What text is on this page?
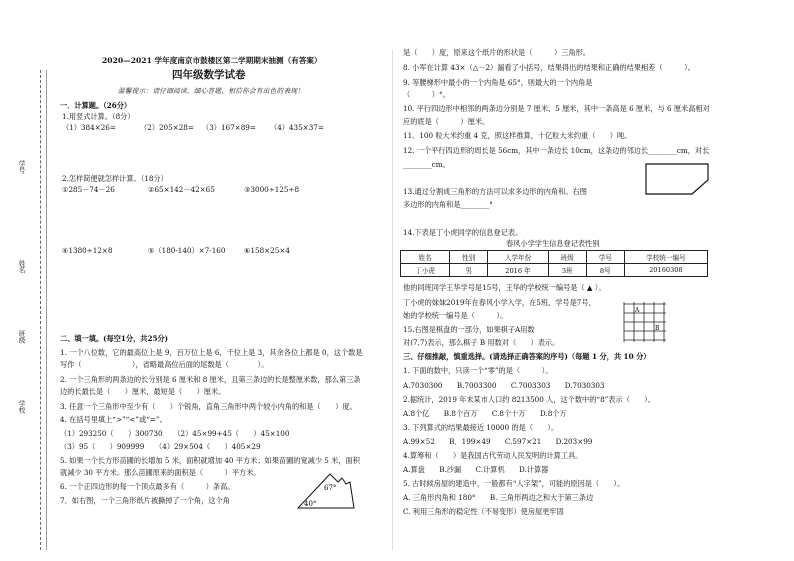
学号
姓名
班级
学校
2020—2021 学年度南京市鼓楼区第二学期期末抽测（有答案）
四年级数学试卷
温馨提示：请仔细阅读，细心答题，相信你会有出色的表现！
一．计算题。（26分）
1.用竖式计算。（8分）
（1）384×26=	（2）205×28= （3）167×89= （4）435×37=
2.怎样简便就怎样计算。（18分）
①285－74－26	②65×142－42×65	③3000÷125÷8
④1380÷12×8	⑤（180-140）×7-160	⑥158×25×4
二、填一填。(每空1分，共25分)
1. 一个八位数，它的最高位上是 9，百万位上是 6，千位上是 3，其余各位上都是 0，这个数是
写作（　　　　　　　），省略最高位后面的尾数是（　　　　）。
2. 一个三角形的两条边的长分别是 6 厘米和 8 厘米，且第三条边的长是整厘米数，那么第三条
边的长最长是（　　）厘米，最短是（　　）厘米。
3. 任意一个三角形中至少有（　　）个锐角，直角三角形中两个较小内角的和是（　　）度。
4. 在括号里填上“>”“<”或“=”。
（1）293250（　　）300730　　（2）45×99+45（　　）45×100
（3）95（　　）909999　　（4）29×504（　　）405×29
5. 如果一个长方形苗圃的长增加 5 米，面积就增加 40 平方米；如果苗圃的宽减少 5 米，面积
就减少 30 平方米。那么苗圃原来的面积是（　　　）平方米。
6. 一个正四边形的每一个顶点最多有（　　　）条高。
7．如右图，一个三角形纸片被撕掉了一个角，这个角
67°
40°
是（　　）度，原来这个纸片的形状是（　　　）三角形。
8. 小军在计算 43×（△－2）漏看了小括号，结果得出的结果和正确的结果相差（　　　）。
9. 等腰梯形中最小的一个内角是 65°，则最大的一个内角是
（　　　）°。
10. 平行四边形中相邻的两条边分别是 7 厘米、5 厘米，其中一条高是 6 厘米，与 6 厘米高相对
应的底是（　　　）厘米。
11、100 粒大米约重 4 克，照这样推算，十亿粒大米约重（　　）吨。
12. 一个平行四边形的周长是 56cm，其中一条边长 10cm，这条边的邻边长________cm，对长
________cm。
13.通过分割成三角形的方法可以求多边形的内角和。右图
多边形的内角和是________°
14.下表是丁小虎同学的信息登记表。
春风小学学生信息登记表性别
姓名	性别	入学年份	班级	学号	学校统一编号
丁小虎	男	2016 年	3班	8号	20160308
他的同班同学王华学号是15号，王华的学校统一编号是（ ▲ ）。
丁小虎的妹妹2019年在春风小学入学，在5班，学号是7号，
她的学校统一编号是（　　　）。
15.右图是棋盘的一部分，如果棋子A用数
对(7,7)表示，那么棋子 B 用数对（　　）表示。
A
B
三、仔细推敲，慎重选择。(请选择正确答案的序号)（每题 1 分，共 10 分）
1. 下面的数中，只读一个“零”的是（　　　）。
A.7030300　　B.7003300　　C.7003303　　D.7030303
2.据统计，2019 年末某市人口约 8213500 人，这个数中的“8”表示（　　）。
A.8个亿　　B.8个百万　　C.8个十万　　D.8个万
3. 下列算式的结果最接近 10000 的是（　　）。
A.99×52　　B．199×49　　C.597×21　　D.203×99
4.算筹和（　　）是我国古代劳动人民发明的计算工具。
A.算盘　　B.沙漏　　C.计算机　　D.计算器
5. 古时候房屋的建造中，一般都有“人字架”，可能的原因是（　　）。
A. 三角形内角和 180°　　B. 三角形两边之和大于第三条边
C. 利用三角形的稳定性（不易变形）使房屋更牢固
